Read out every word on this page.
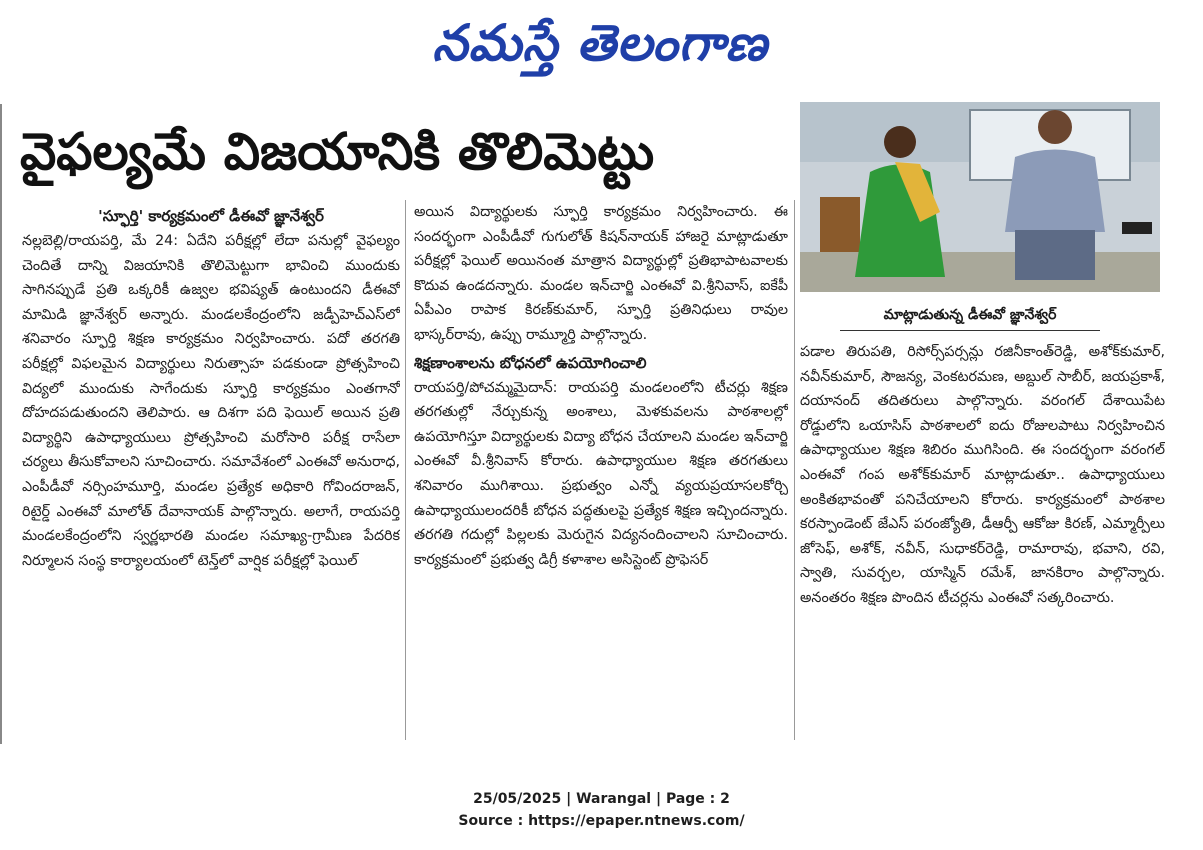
నమస్తే తెలంగాణ
వైఫల్యమే విజయానికి తొలిమెట్టు
మాట్లాడుతున్న డీఈవో జ్ఞానేశ్వర్

'స్ఫూర్తి' కార్యక్రమంలో డీఈవో జ్ఞానేశ్వర్

నల్లబెల్లి/రాయపర్తి, మే 24: ఏదేని పరీక్షల్లో లేదా పనుల్లో వైఫల్యం చెందితే దాన్ని విజయానికి తొలిమెట్టుగా భావించి ముందుకు సాగినప్పుడే ప్రతి ఒక్కరికీ ఉజ్వల భవిష్యత్ ఉంటుందని డీఈవో మామిడి జ్ఞానేశ్వర్ అన్నారు. మండలకేంద్రంలోని జడ్పీహెచ్ఎస్‌లో శనివారం స్ఫూర్తి శిక్షణ కార్యక్రమం నిర్వహించారు. పదో తరగతి పరీక్షల్లో విఫలమైన విద్యార్థులు నిరుత్సాహ పడకుండా ప్రోత్సహించి విద్యలో ముందుకు సాగేందుకు స్ఫూర్తి కార్యక్రమం ఎంతగానో దోహదపడుతుందని తెలిపారు. ఆ దిశగా పది ఫెయిల్ అయిన ప్రతి విద్యార్థిని ఉపాధ్యాయులు ప్రోత్సహించి మరోసారి పరీక్ష రాసేలా చర్యలు తీసుకోవాలని సూచించారు. సమావేశంలో ఎంఈవో అనురాధ, ఎంపీడీవో నర్సింహమూర్తి, మండల ప్రత్యేక అధికారి గోవిందరాజన్, రిటైర్డ్ ఎంఈవో మాలోత్ దేవానాయక్ పాల్గొన్నారు. అలాగే, రాయపర్తి మండలకేంద్రంలోని స్వర్ణభారతి మండల సమాఖ్య-గ్రామీణ పేదరిక నిర్మూలన సంస్థ కార్యాలయంలో టెన్త్‌లో వార్షిక పరీక్షల్లో ఫెయిల్

అయిన విద్యార్థులకు స్ఫూర్తి కార్యక్రమం నిర్వహించారు. ఈ సందర్భంగా ఎంపీడీవో గుగులోత్ కిషన్‌నాయక్ హాజరై మాట్లాడుతూ పరీక్షల్లో ఫెయిల్ అయినంత మాత్రాన విద్యార్థుల్లో ప్రతిభాపాటవాలకు కొదువ ఉండదన్నారు. మండల ఇన్‌చార్జి ఎంఈవో వి.శ్రీనివాస్, ఐకేపీ ఏపీఎం రాపాక కిరణ్‌కుమార్, స్ఫూర్తి ప్రతినిధులు రావుల భాస్కర్‌రావు, ఉప్పు రామ్మూర్తి పాల్గొన్నారు.

శిక్షణాంశాలను బోధనలో ఉపయోగించాలి

రాయపర్తి/పోచమ్మమైదాన్: రాయపర్తి మండలంలోని టీచర్లు శిక్షణ తరగతుల్లో నేర్చుకున్న అంశాలు, మెళకువలను పాఠశాలల్లో ఉపయోగిస్తూ విద్యార్థులకు విద్యా బోధన చేయాలని మండల ఇన్‌చార్జి ఎంఈవో వీ.శ్రీనివాస్ కోరారు. ఉపాధ్యాయుల శిక్షణ తరగతులు శనివారం ముగిశాయి. ప్రభుత్వం ఎన్నో వ్యయప్రయాసలకోర్చి ఉపాధ్యాయులందరికీ బోధన పద్ధతులపై ప్రత్యేక శిక్షణ ఇచ్చిందన్నారు. తరగతి గదుల్లో పిల్లలకు మెరుగైన విద్యనందించాలని సూచించారు. కార్యక్రమంలో ప్రభుత్వ డిగ్రీ కళాశాల అసిస్టెంట్ ప్రొఫెసర్

పడాల తిరుపతి, రిసోర్స్‌పర్సన్లు రజినీకాంత్‌రెడ్డి, అశోక్‌కుమార్, నవీన్‌కుమార్, సౌజన్య, వెంకటరమణ, అబ్దుల్ సాబీర్, జయప్రకాశ్, దయానంద్ తదితరులు పాల్గొన్నారు. వరంగల్ దేశాయిపేట రోడ్డులోని ఒయాసిస్ పాఠశాలలో ఐదు రోజులపాటు నిర్వహించిన ఉపాధ్యాయుల శిక్షణ శిబిరం ముగిసింది. ఈ సందర్భంగా వరంగల్ ఎంఈవో గంప అశోక్‌కుమార్ మాట్లాడుతూ.. ఉపాధ్యాయులు అంకితభావంతో పనిచేయాలని కోరారు. కార్యక్రమంలో పాఠశాల కరస్పాండెంట్ జేఎస్ పరంజ్యోతి, డీఆర్పీ ఆకోజు కిరణ్, ఎమ్మార్పీలు జోసెఫ్, అశోక్, నవీన్, సుధాకర్‌రెడ్డి, రామారావు, భవాని, రవి, స్వాతి, సువర్చల, యాస్మిన్ రమేశ్, జానకిరాం పాల్గొన్నారు. అనంతరం శిక్షణ పొందిన టీచర్లను ఎంఈవో సత్కరించారు.

25/05/2025 | Warangal | Page : 2
Source : https://epaper.ntnews.com/
